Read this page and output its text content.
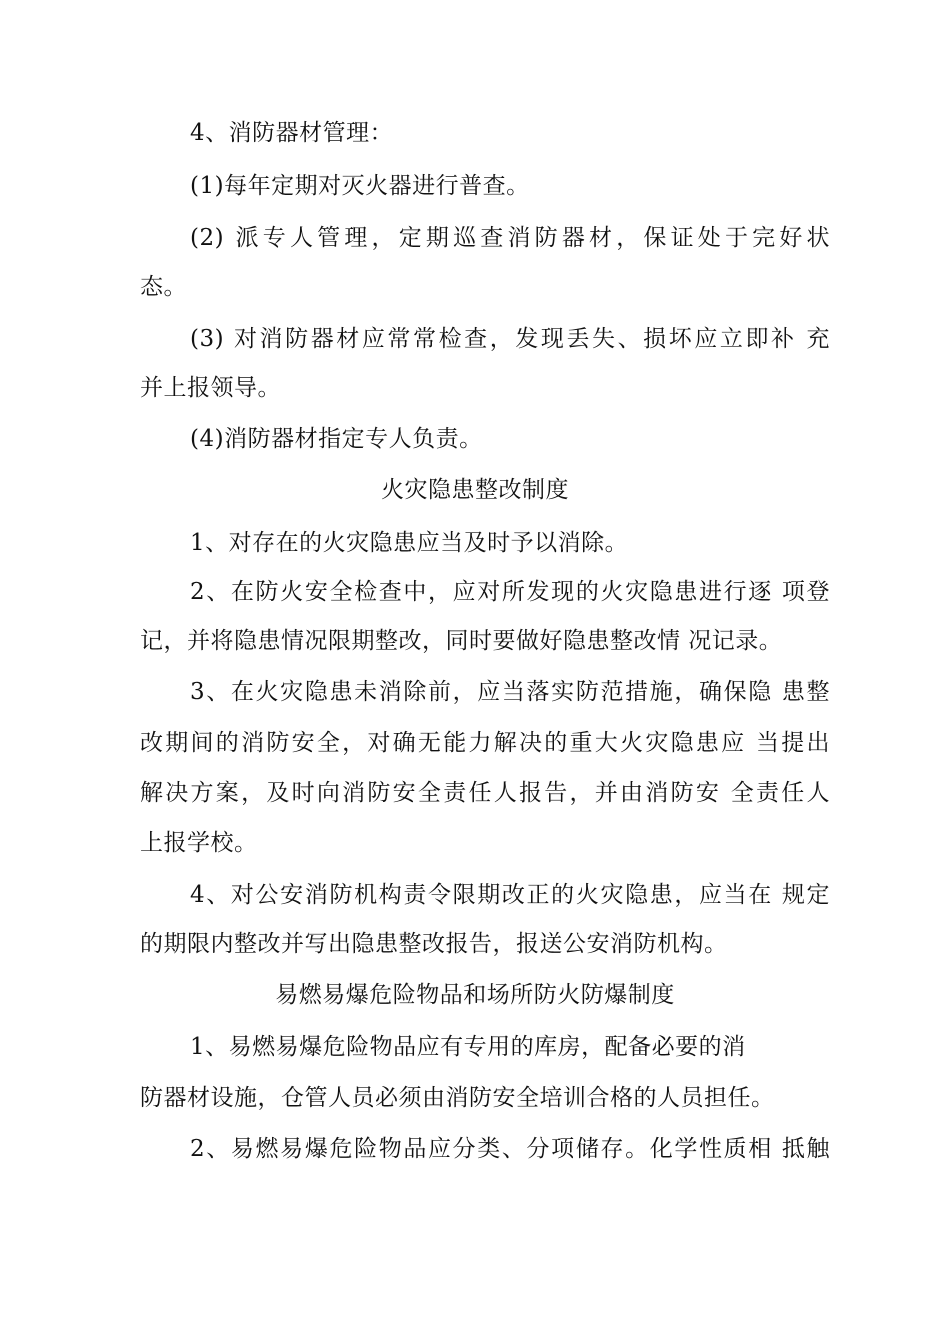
4、消防器材管理：
(1)每年定期对灭火器进行普查。
(2) 派专人管理，定期巡查消防器材，保证处于完好状
态。
(3) 对消防器材应常常检查，发现丢失、损坏应立即补 充
并上报领导。
(4)消防器材指定专人负责。
火灾隐患整改制度
1、对存在的火灾隐患应当及时予以消除。
2、在防火安全检查中，应对所发现的火灾隐患进行逐 项登
记，并将隐患情况限期整改，同时要做好隐患整改情 况记录。
3、在火灾隐患未消除前，应当落实防范措施，确保隐 患整
改期间的消防安全，对确无能力解决的重大火灾隐患应 当提出
解决方案，及时向消防安全责任人报告，并由消防安 全责任人
上报学校。
4、对公安消防机构责令限期改正的火灾隐患，应当在 规定
的期限内整改并写出隐患整改报告，报送公安消防机构。
易燃易爆危险物品和场所防火防爆制度
1、易燃易爆危险物品应有专用的库房，配备必要的消
防器材设施，仓管人员必须由消防安全培训合格的人员担任。
2、易燃易爆危险物品应分类、分项储存。化学性质相 抵触
